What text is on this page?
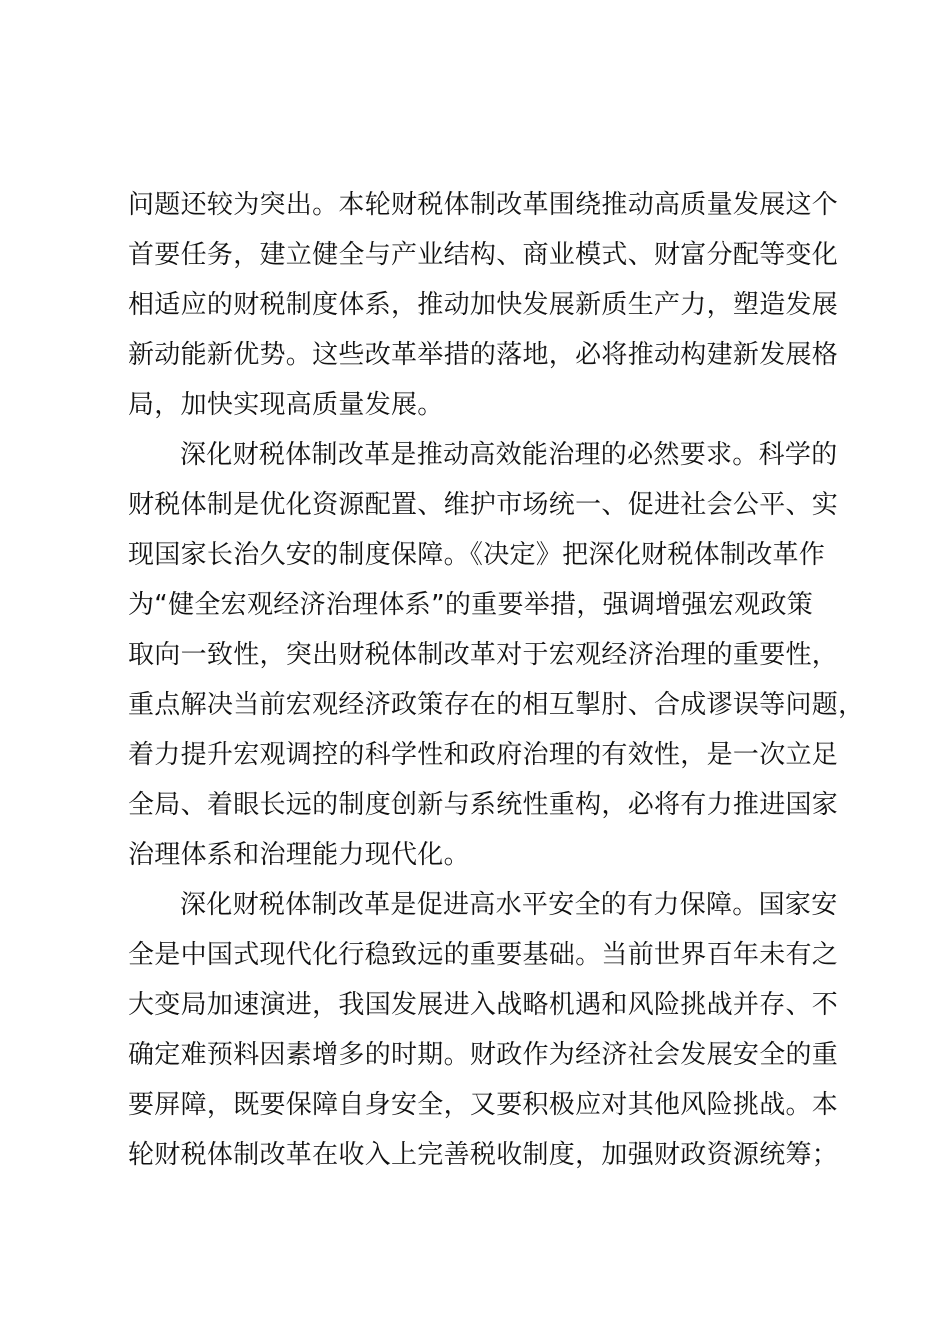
问题还较为突出。本轮财税体制改革围绕推动高质量发展这个
首要任务，建立健全与产业结构、商业模式、财富分配等变化
相适应的财税制度体系，推动加快发展新质生产力，塑造发展
新动能新优势。这些改革举措的落地，必将推动构建新发展格
局，加快实现高质量发展。
深化财税体制改革是推动高效能治理的必然要求。科学的
财税体制是优化资源配置、维护市场统一、促进社会公平、实
现国家长治久安的制度保障。《决定》把深化财税体制改革作
为“健全宏观经济治理体系”的重要举措，强调增强宏观政策
取向一致性，突出财税体制改革对于宏观经济治理的重要性，
重点解决当前宏观经济政策存在的相互掣肘、合成谬误等问题，
着力提升宏观调控的科学性和政府治理的有效性，是一次立足
全局、着眼长远的制度创新与系统性重构，必将有力推进国家
治理体系和治理能力现代化。
深化财税体制改革是促进高水平安全的有力保障。国家安
全是中国式现代化行稳致远的重要基础。当前世界百年未有之
大变局加速演进，我国发展进入战略机遇和风险挑战并存、不
确定难预料因素增多的时期。财政作为经济社会发展安全的重
要屏障，既要保障自身安全，又要积极应对其他风险挑战。本
轮财税体制改革在收入上完善税收制度，加强财政资源统筹；
